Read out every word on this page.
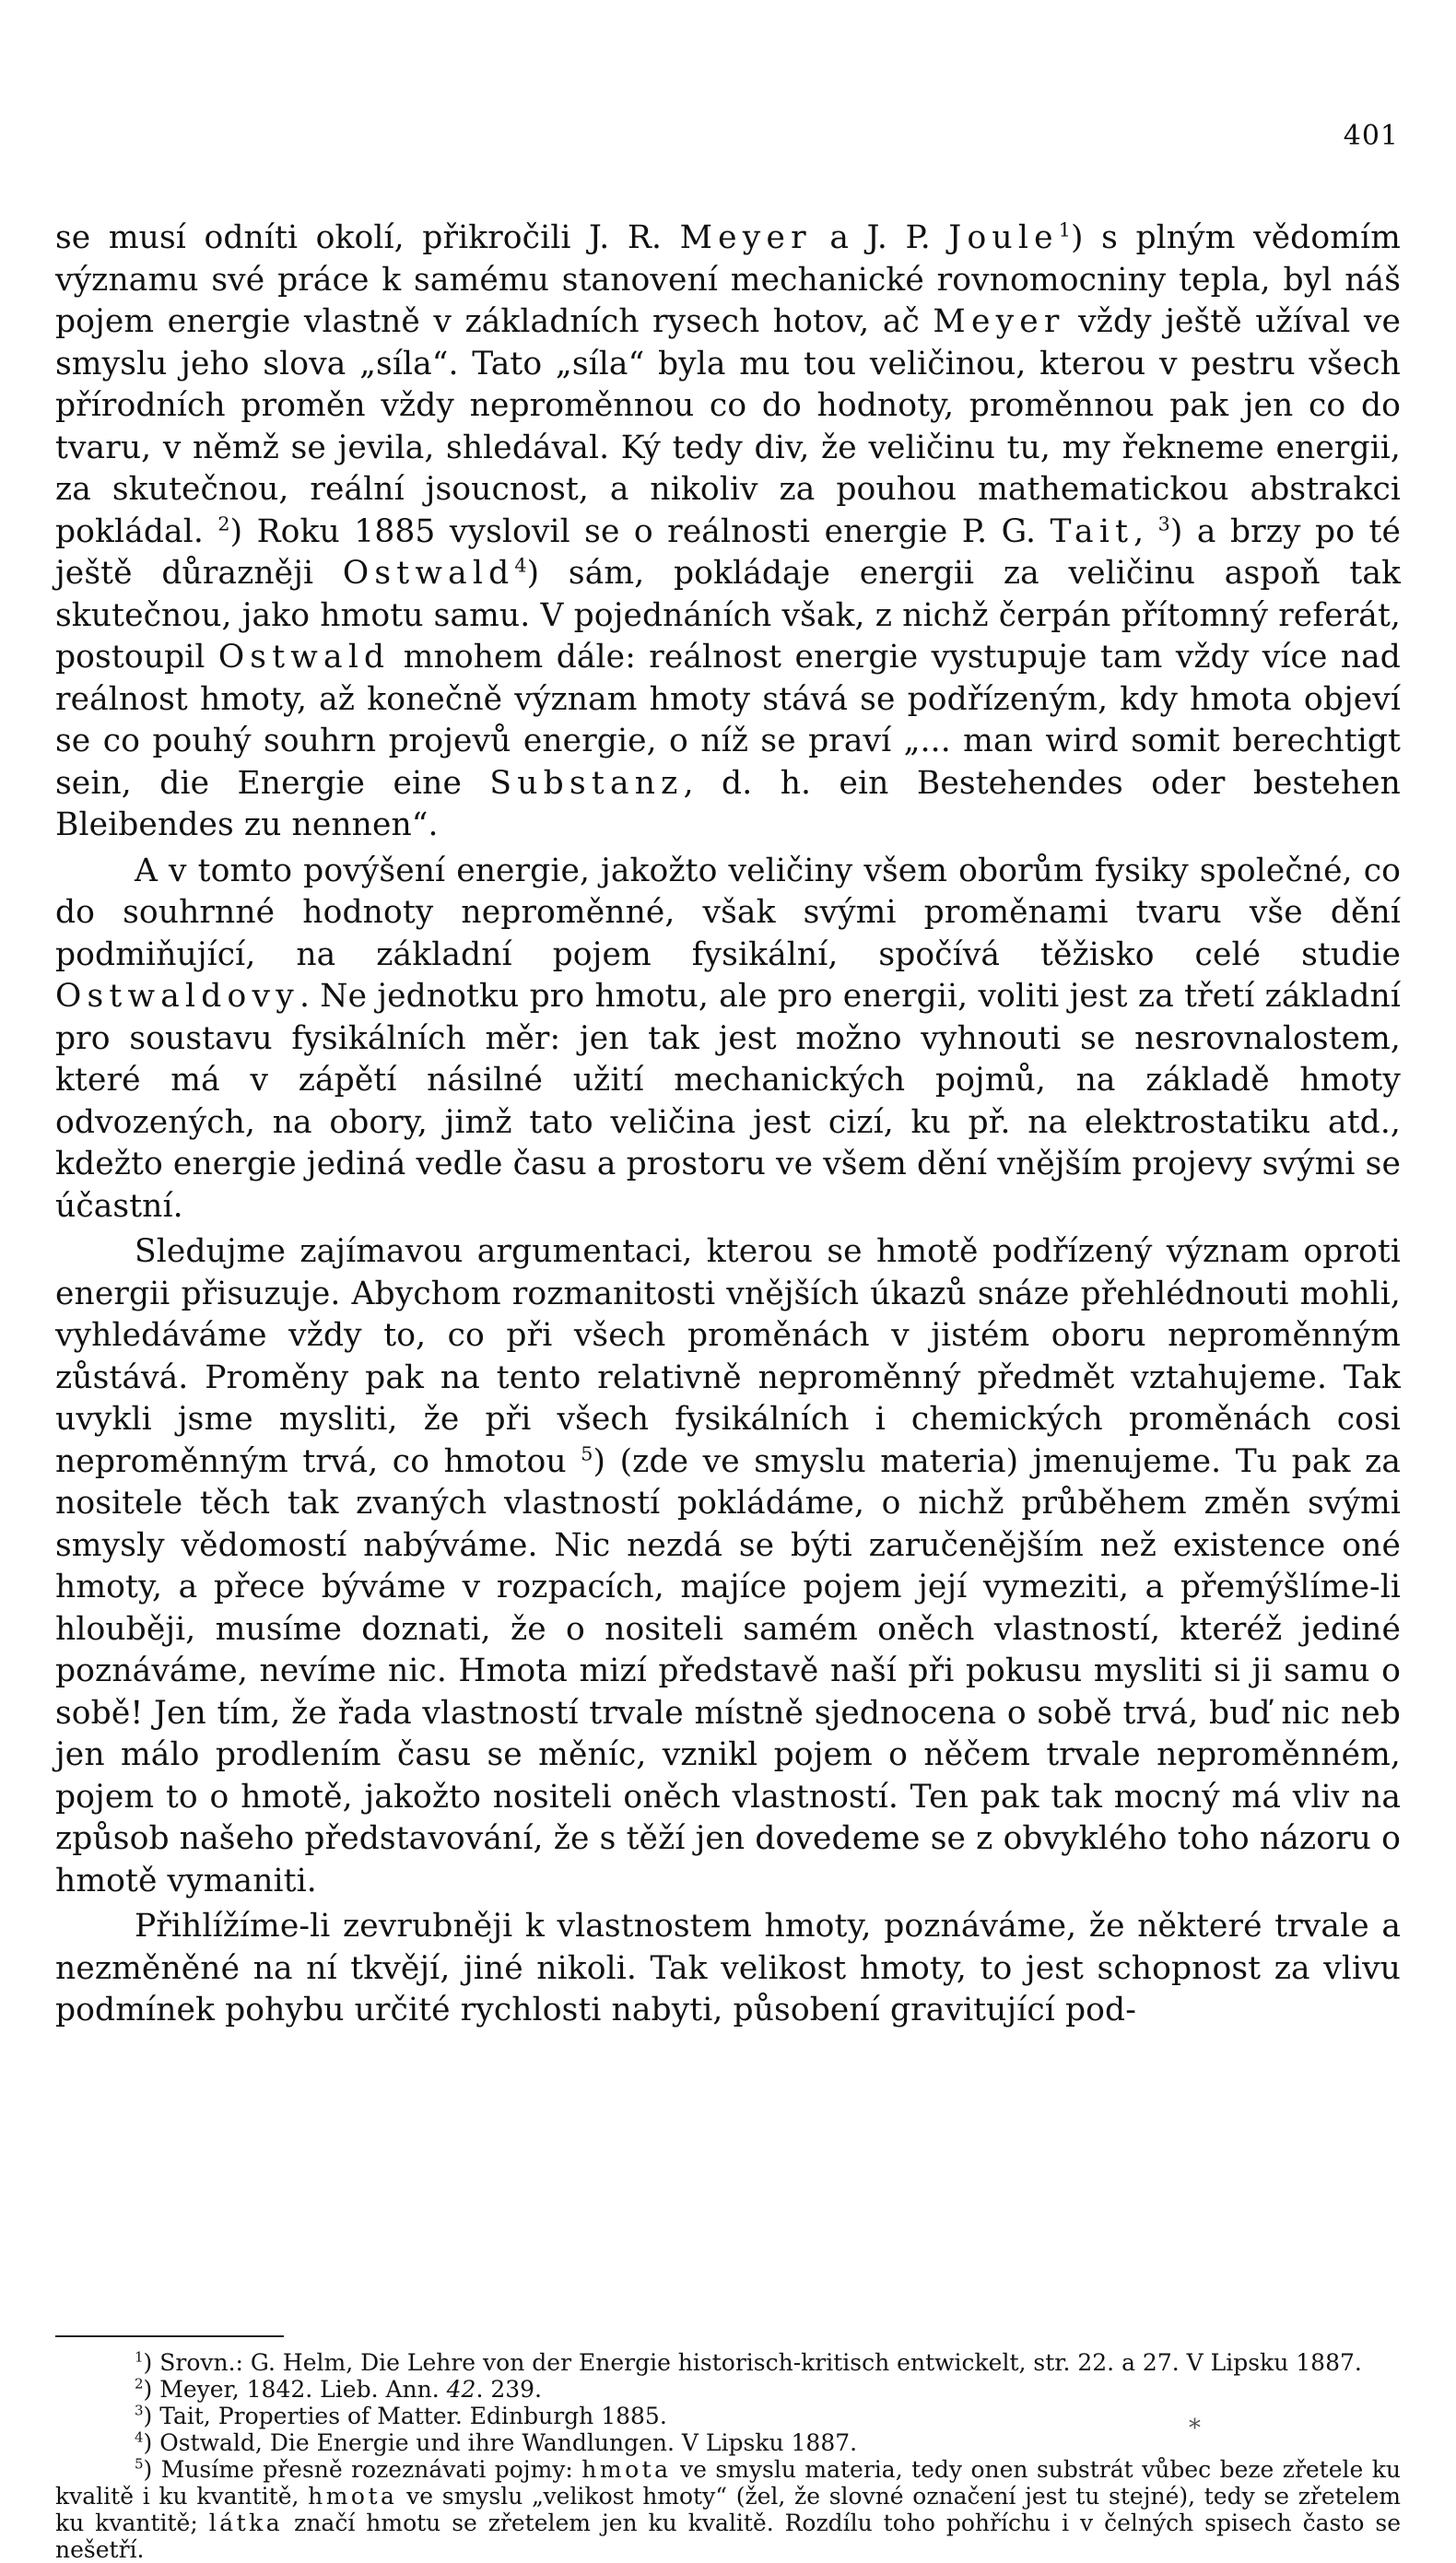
401

se musí odníti okolí, přikročili J. R. Meyer a J. P. Joule$^1$) s plným vědomím významu své práce k samému stanovení mechanické rovnomocniny tepla, byl náš pojem energie vlastně v základních rysech hotov, ač Meyer vždy ještě užíval ve smyslu jeho slova „síla“. Tato „síla“ byla mu tou veličinou, kterou v pestru všech přírodních proměn vždy neproměnnou co do hodnoty, proměnnou pak jen co do tvaru, v němž se jevila, shledával. Ký tedy div, že veličinu tu, my řekneme energii, za skutečnou, reální jsoucnost, a nikoliv za pouhou mathematickou abstrakci pokládal. $^2$) Roku 1885 vyslovil se o reálnosti energie P. G. Tait, $^3$) a brzy po té ještě důrazněji Ostwald$^4$) sám, pokládaje energii za veličinu aspoň tak skutečnou, jako hmotu samu. V pojednáních však, z nichž čerpán přítomný referát, postoupil Ostwald mnohem dále: reálnost energie vystupuje tam vždy více nad reálnost hmoty, až konečně význam hmoty stává se podřízeným, kdy hmota objeví se co pouhý souhrn projevů energie, o níž se praví „... man wird somit berechtigt sein, die Energie eine Substanz, d. h. ein Bestehendes oder bestehen Bleibendes zu nennen“.

A v tomto povýšení energie, jakožto veličiny všem oborům fysiky společné, co do souhrnné hodnoty neproměnné, však svými proměnami tvaru vše dění podmiňující, na základní pojem fysikální, spočívá těžisko celé studie Ostwaldovy. Ne jednotku pro hmotu, ale pro energii, voliti jest za třetí základní pro soustavu fysikálních měr: jen tak jest možno vyhnouti se nesrovnalostem, které má v zápětí násilné užití mechanických pojmů, na základě hmoty odvozených, na obory, jimž tato veličina jest cizí, ku př. na elektrostatiku atd., kdežto energie jediná vedle času a prostoru ve všem dění vnějším projevy svými se účastní.

Sledujme zajímavou argumentaci, kterou se hmotě podřízený význam oproti energii přisuzuje. Abychom rozmanitosti vnějších úkazů snáze přehlédnouti mohli, vyhledáváme vždy to, co při všech proměnách v jistém oboru neproměnným zůstává. Proměny pak na tento relativně neproměnný předmět vztahujeme. Tak uvykli jsme mysliti, že při všech fysikálních i chemických proměnách cosi neproměnným trvá, co hmotou $^5$) (zde ve smyslu materia) jmenujeme. Tu pak za nositele těch tak zvaných vlastností pokládáme, o nichž průběhem změn svými smysly vědomostí nabýváme. Nic nezdá se býti zaručenějším než existence oné hmoty, a přece býváme v rozpacích, majíce pojem její vymeziti, a přemýšlíme-li hlouběji, musíme doznati, že o nositeli samém oněch vlastností, kteréž jediné poznáváme, nevíme nic. Hmota mizí představě naší při pokusu mysliti si ji samu o sobě! Jen tím, že řada vlastností trvale místně sjednocena o sobě trvá, buď nic neb jen málo prodlením času se měníc, vznikl pojem o něčem trvale neproměnném, pojem to o hmotě, jakožto nositeli oněch vlastností. Ten pak tak mocný má vliv na způsob našeho představování, že s těží jen dovedeme se z obvyklého toho názoru o hmotě vymaniti.

Přihlížíme-li zevrubněji k vlastnostem hmoty, poznáváme, že některé trvale a nezměněné na ní tkvějí, jiné nikoli. Tak velikost hmoty, to jest schopnost za vlivu podmínek pohybu určité rychlosti nabyti, působení gravitující pod-

$^1$) Srovn.: G. Helm, Die Lehre von der Energie historisch-kritisch entwickelt, str. 22. a 27. V Lipsku 1887.

$^2$) Meyer, 1842. Lieb. Ann. 42. 239.

$^3$) Tait, Properties of Matter. Edinburgh 1885.

$^4$) Ostwald, Die Energie und ihre Wandlungen. V Lipsku 1887.

$^5$) Musíme přesně rozeznávati pojmy: hmota ve smyslu materia, tedy onen substrát vůbec beze zřetele ku kvalitě i ku kvantitě, hmota ve smyslu „velikost hmoty“ (žel, že slovné označení jest tu stejné), tedy se zřetelem ku kvantitě; látka značí hmotu se zřetelem jen ku kvalitě. Rozdílu toho pohříchu i v čelných spisech často se nešetří.

*
